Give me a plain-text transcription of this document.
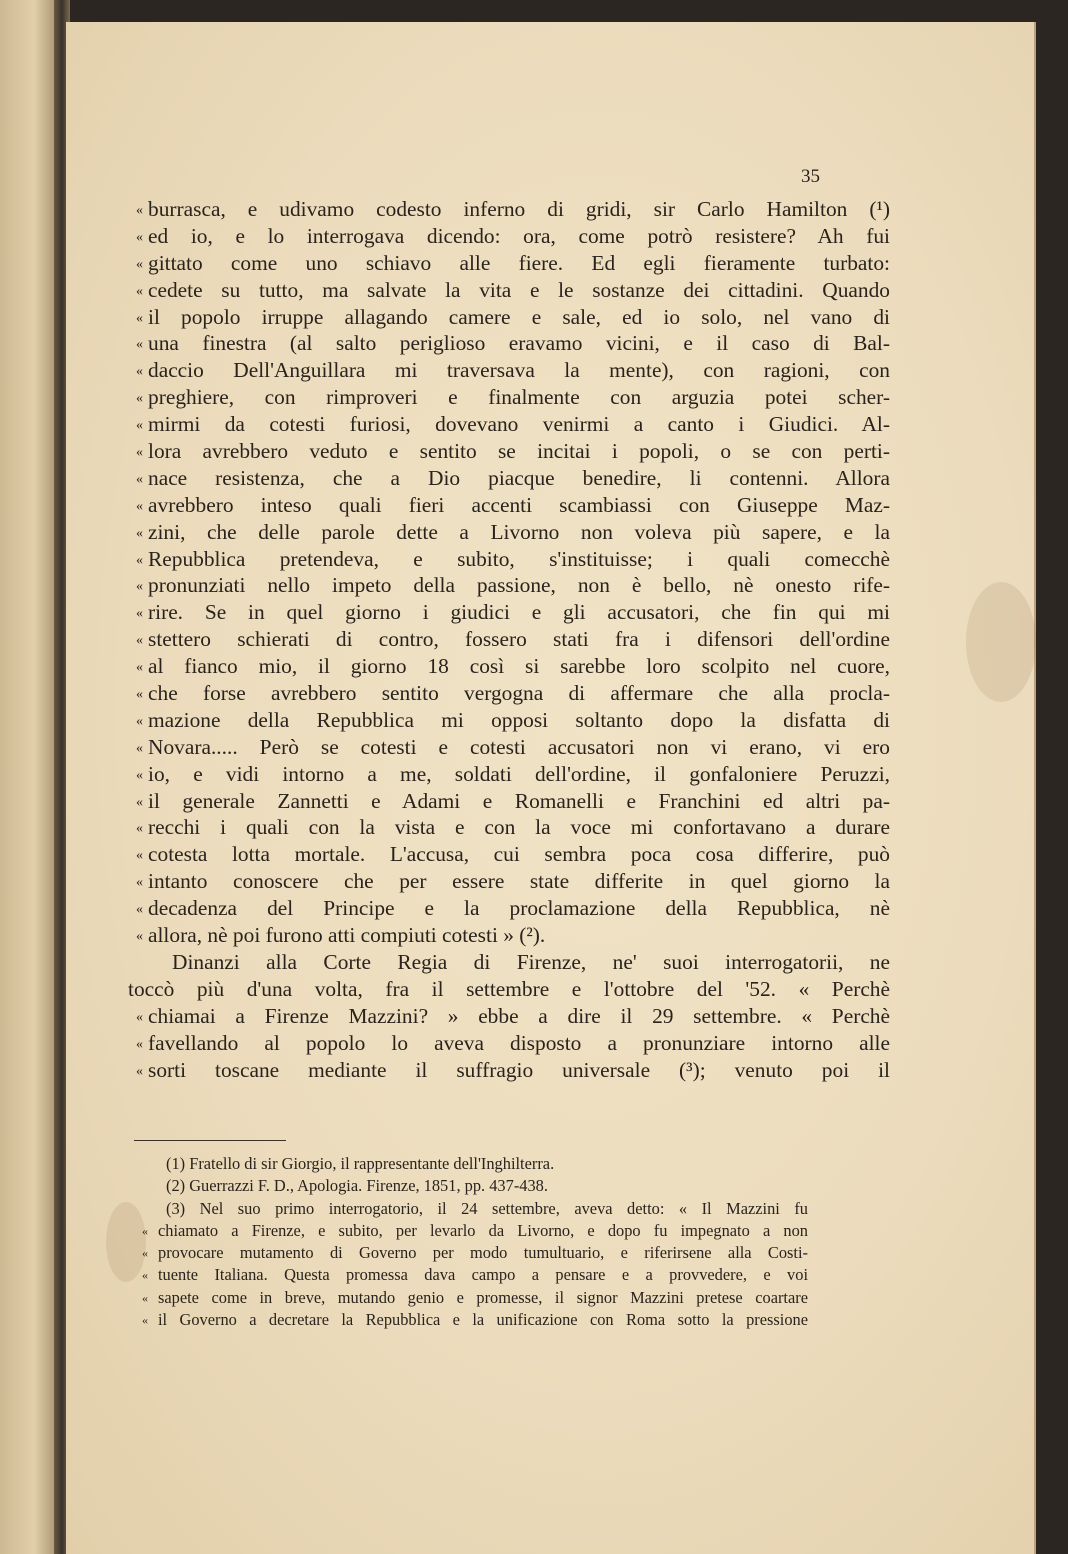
35
« burrasca, e udivamo codesto inferno di gridi, sir Carlo Hamilton (¹)
« ed io, e lo interrogava dicendo: ora, come potrò resistere? Ah fui
« gittato come uno schiavo alle fiere. Ed egli fieramente turbato:
« cedete su tutto, ma salvate la vita e le sostanze dei cittadini. Quando
« il popolo irruppe allagando camere e sale, ed io solo, nel vano di
« una finestra (al salto periglioso eravamo vicini, e il caso di Bal-
« daccio Dell'Anguillara mi traversava la mente), con ragioni, con
« preghiere, con rimproveri e finalmente con arguzia potei scher-
« mirmi da cotesti furiosi, dovevano venirmi a canto i Giudici. Al-
« lora avrebbero veduto e sentito se incitai i popoli, o se con perti-
« nace resistenza, che a Dio piacque benedire, li contenni. Allora
« avrebbero inteso quali fieri accenti scambiassi con Giuseppe Maz-
« zini, che delle parole dette a Livorno non voleva più sapere, e la
« Repubblica pretendeva, e subito, s'instituisse; i quali comecchè
« pronunziati nello impeto della passione, non è bello, nè onesto rife-
« rire. Se in quel giorno i giudici e gli accusatori, che fin qui mi
« stettero schierati di contro, fossero stati fra i difensori dell'ordine
« al fianco mio, il giorno 18 così si sarebbe loro scolpito nel cuore,
« che forse avrebbero sentito vergogna di affermare che alla procla-
« mazione della Repubblica mi opposi soltanto dopo la disfatta di
« Novara..... Però se cotesti e cotesti accusatori non vi erano, vi ero
« io, e vidi intorno a me, soldati dell'ordine, il gonfaloniere Peruzzi,
« il generale Zannetti e Adami e Romanelli e Franchini ed altri pa-
« recchi i quali con la vista e con la voce mi confortavano a durare
« cotesta lotta mortale. L'accusa, cui sembra poca cosa differire, può
« intanto conoscere che per essere state differite in quel giorno la
« decadenza del Principe e la proclamazione della Repubblica, nè
« allora, nè poi furono atti compiuti cotesti » (²).
Dinanzi alla Corte Regia di Firenze, ne' suoi interrogatorii, ne
toccò più d'una volta, fra il settembre e l'ottobre del '52. « Perchè
« chiamai a Firenze Mazzini? » ebbe a dire il 29 settembre. « Perchè
« favellando al popolo lo aveva disposto a pronunziare intorno alle
« sorti toscane mediante il suffragio universale (³); venuto poi il
(1) Fratello di sir Giorgio, il rappresentante dell'Inghilterra.
(2) Guerrazzi F. D., Apologia. Firenze, 1851, pp. 437-438.
(3) Nel suo primo interrogatorio, il 24 settembre, aveva detto: « Il Mazzini fu
« chiamato a Firenze, e subito, per levarlo da Livorno, e dopo fu impegnato a non
« provocare mutamento di Governo per modo tumultuario, e riferirsene alla Costi-
« tuente Italiana. Questa promessa dava campo a pensare e a provvedere, e voi
« sapete come in breve, mutando genio e promesse, il signor Mazzini pretese coartare
« il Governo a decretare la Repubblica e la unificazione con Roma sotto la pressione
